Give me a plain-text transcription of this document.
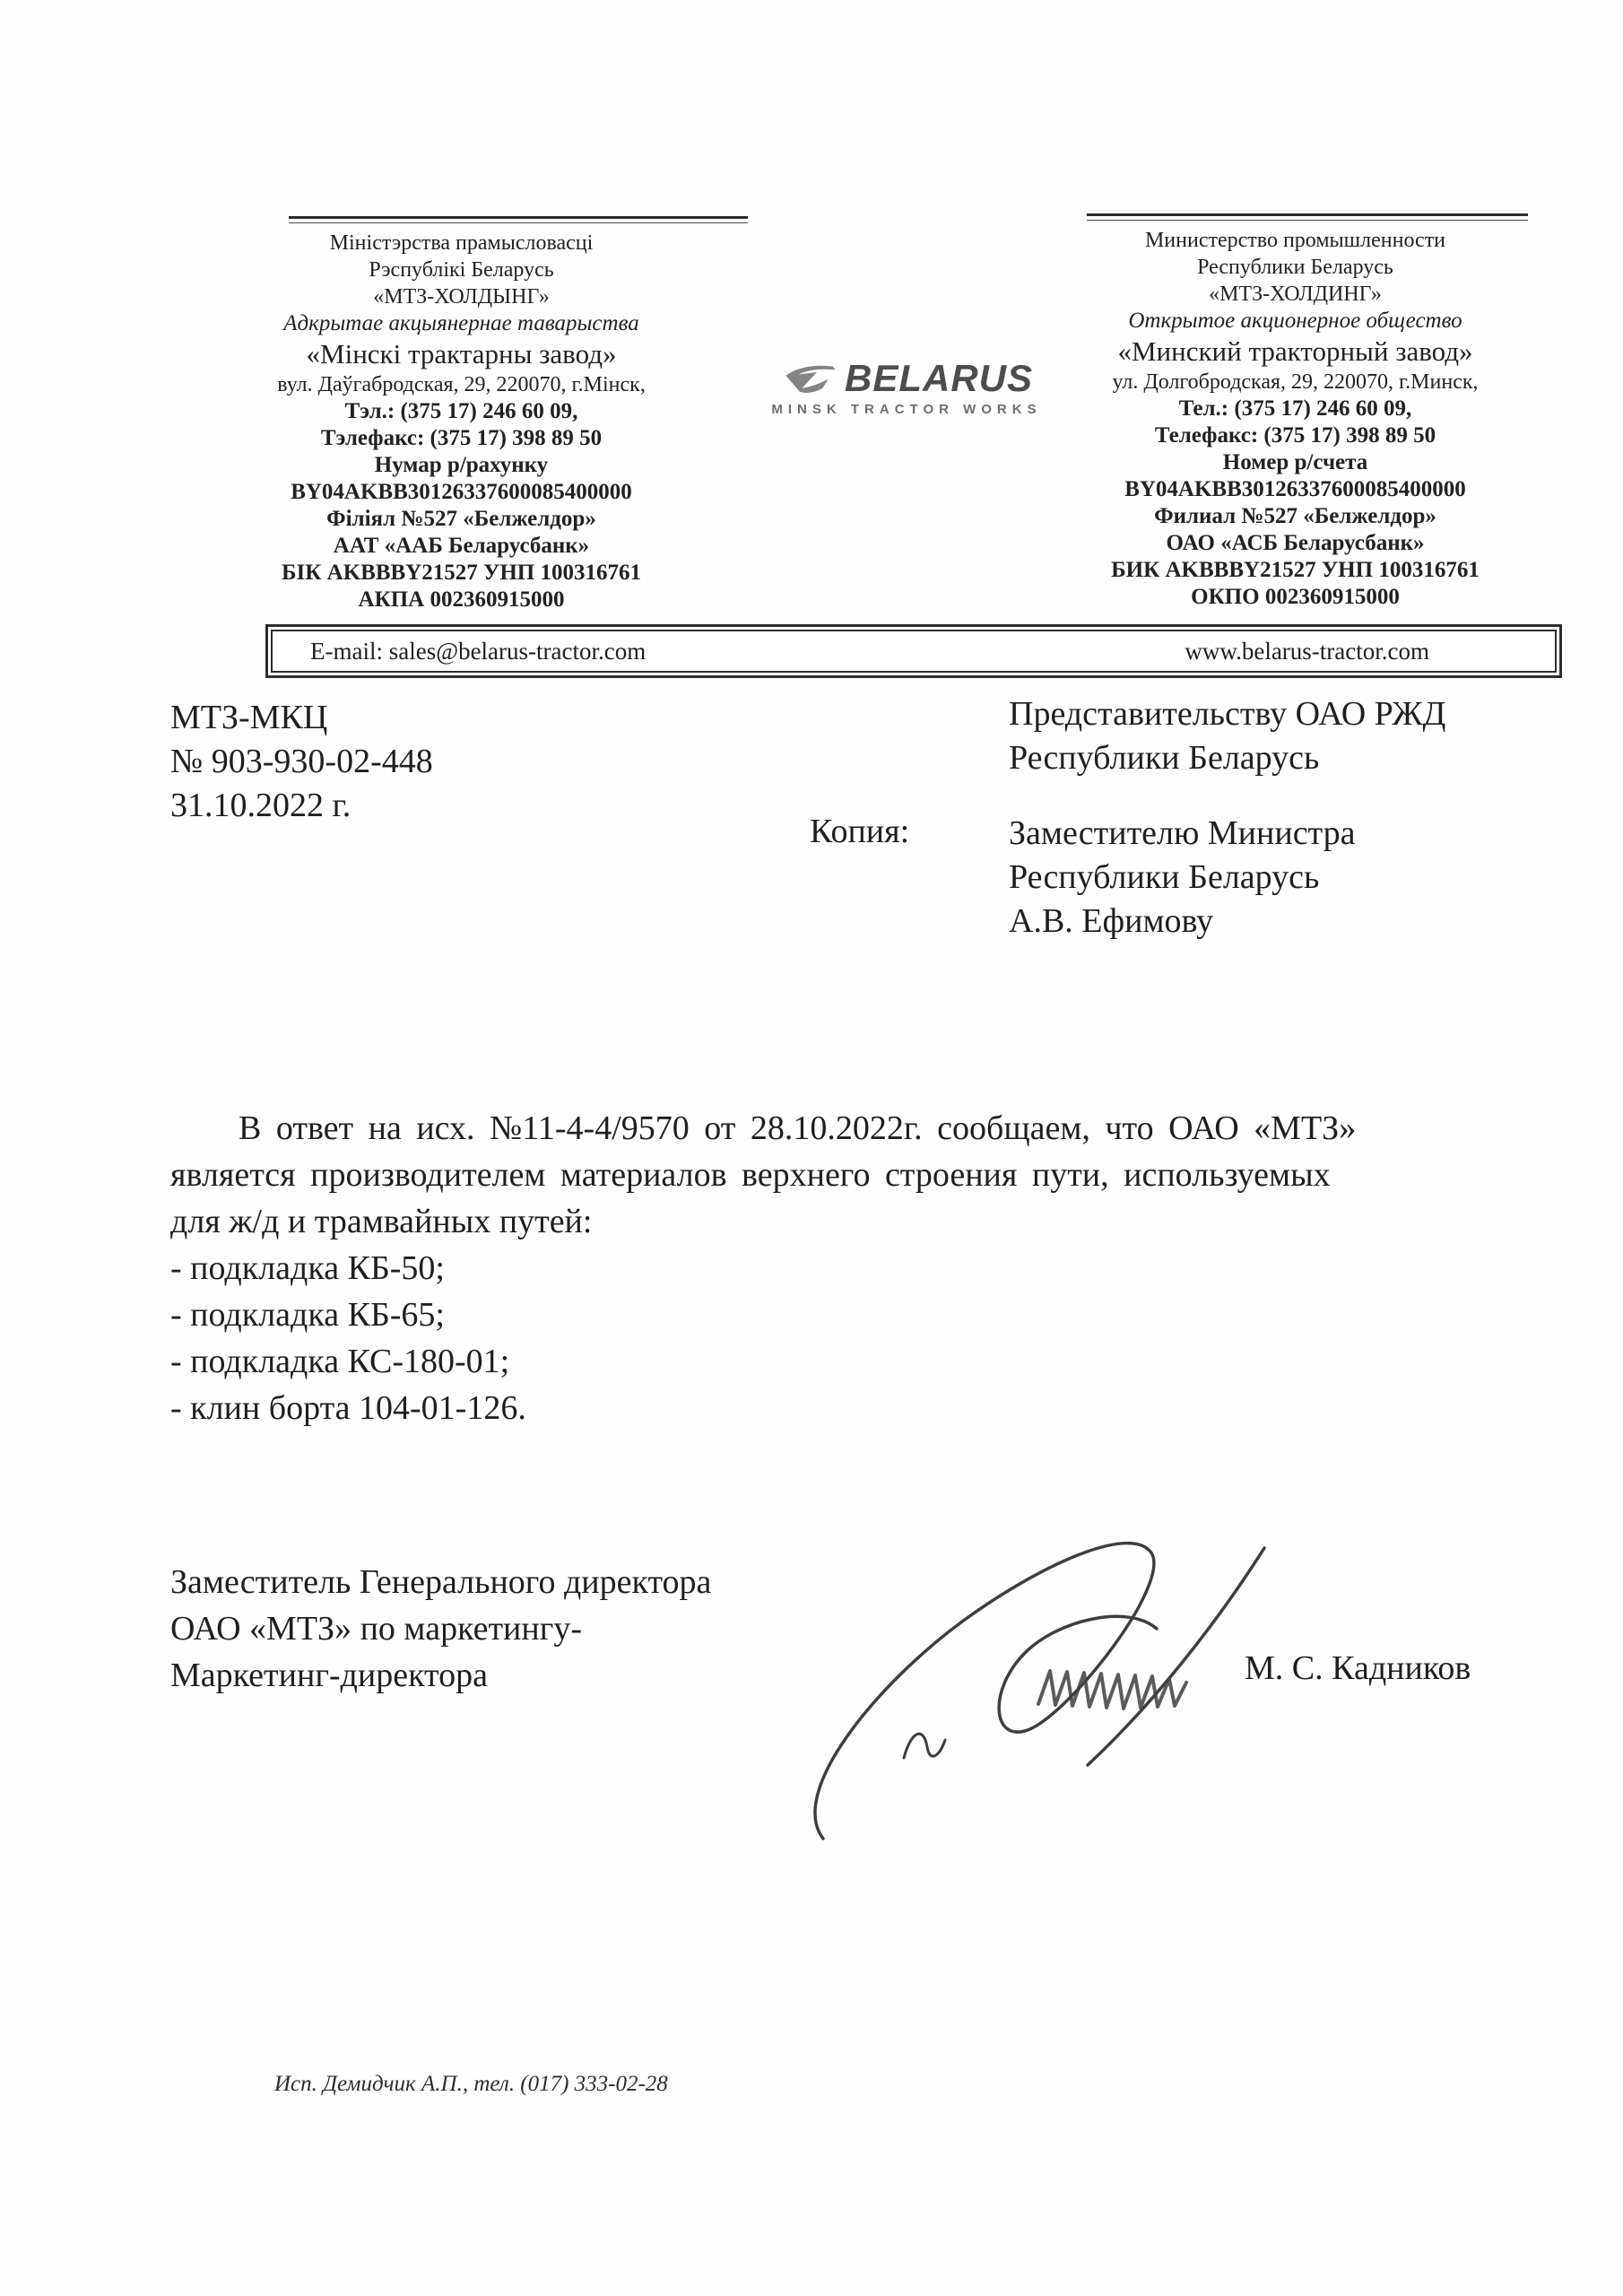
Міністэрства прамысловасці
Рэспублікі Беларусь
«МТЗ-ХОЛДЫНГ»
Адкрытае акцыянернае таварыства
«Мінскі трактарны завод»
вул. Даўгабродская, 29, 220070, г.Мінск,
Тэл.: (375 17) 246 60 09,
Тэлефакс: (375 17) 398 89 50
Нумар р/рахунку
BY04AKBB30126337600085400000
Філіял №527 «Белжелдор»
ААТ «ААБ Беларусбанк»
БІК AKBBBY21527 УНП 100316761
АКПА 002360915000
BELARUS
MINSK TRACTOR WORKS
Министерство промышленности
Республики Беларусь
«МТЗ-ХОЛДИНГ»
Открытое акционерное общество
«Минский тракторный завод»
ул. Долгобродская, 29, 220070, г.Минск,
Тел.: (375 17) 246 60 09,
Телефакс: (375 17) 398 89 50
Номер р/счета
BY04AKBB30126337600085400000
Филиал №527 «Белжелдор»
ОАО «АСБ Беларусбанк»
БИК AKBBBY21527 УНП 100316761
ОКПО 002360915000
E-mail: sales@belarus-tractor.com	www.belarus-tractor.com
МТЗ-МКЦ
№ 903-930-02-448
31.10.2022 г.
Представительству ОАО РЖД
Республики Беларусь
Копия:	Заместителю Министра
Республики Беларусь
А.В. Ефимову
В ответ на исх. №11-4-4/9570 от 28.10.2022г. сообщаем, что ОАО «МТЗ»
является производителем материалов верхнего строения пути, используемых
для ж/д и трамвайных путей:
- подкладка КБ-50;
- подкладка КБ-65;
- подкладка КС-180-01;
- клин борта 104-01-126.
Заместитель Генерального директора
ОАО «МТЗ» по маркетингу-
Маркетинг-директора	М. С. Кадников
Исп. Демидчик А.П., тел. (017) 333-02-28
